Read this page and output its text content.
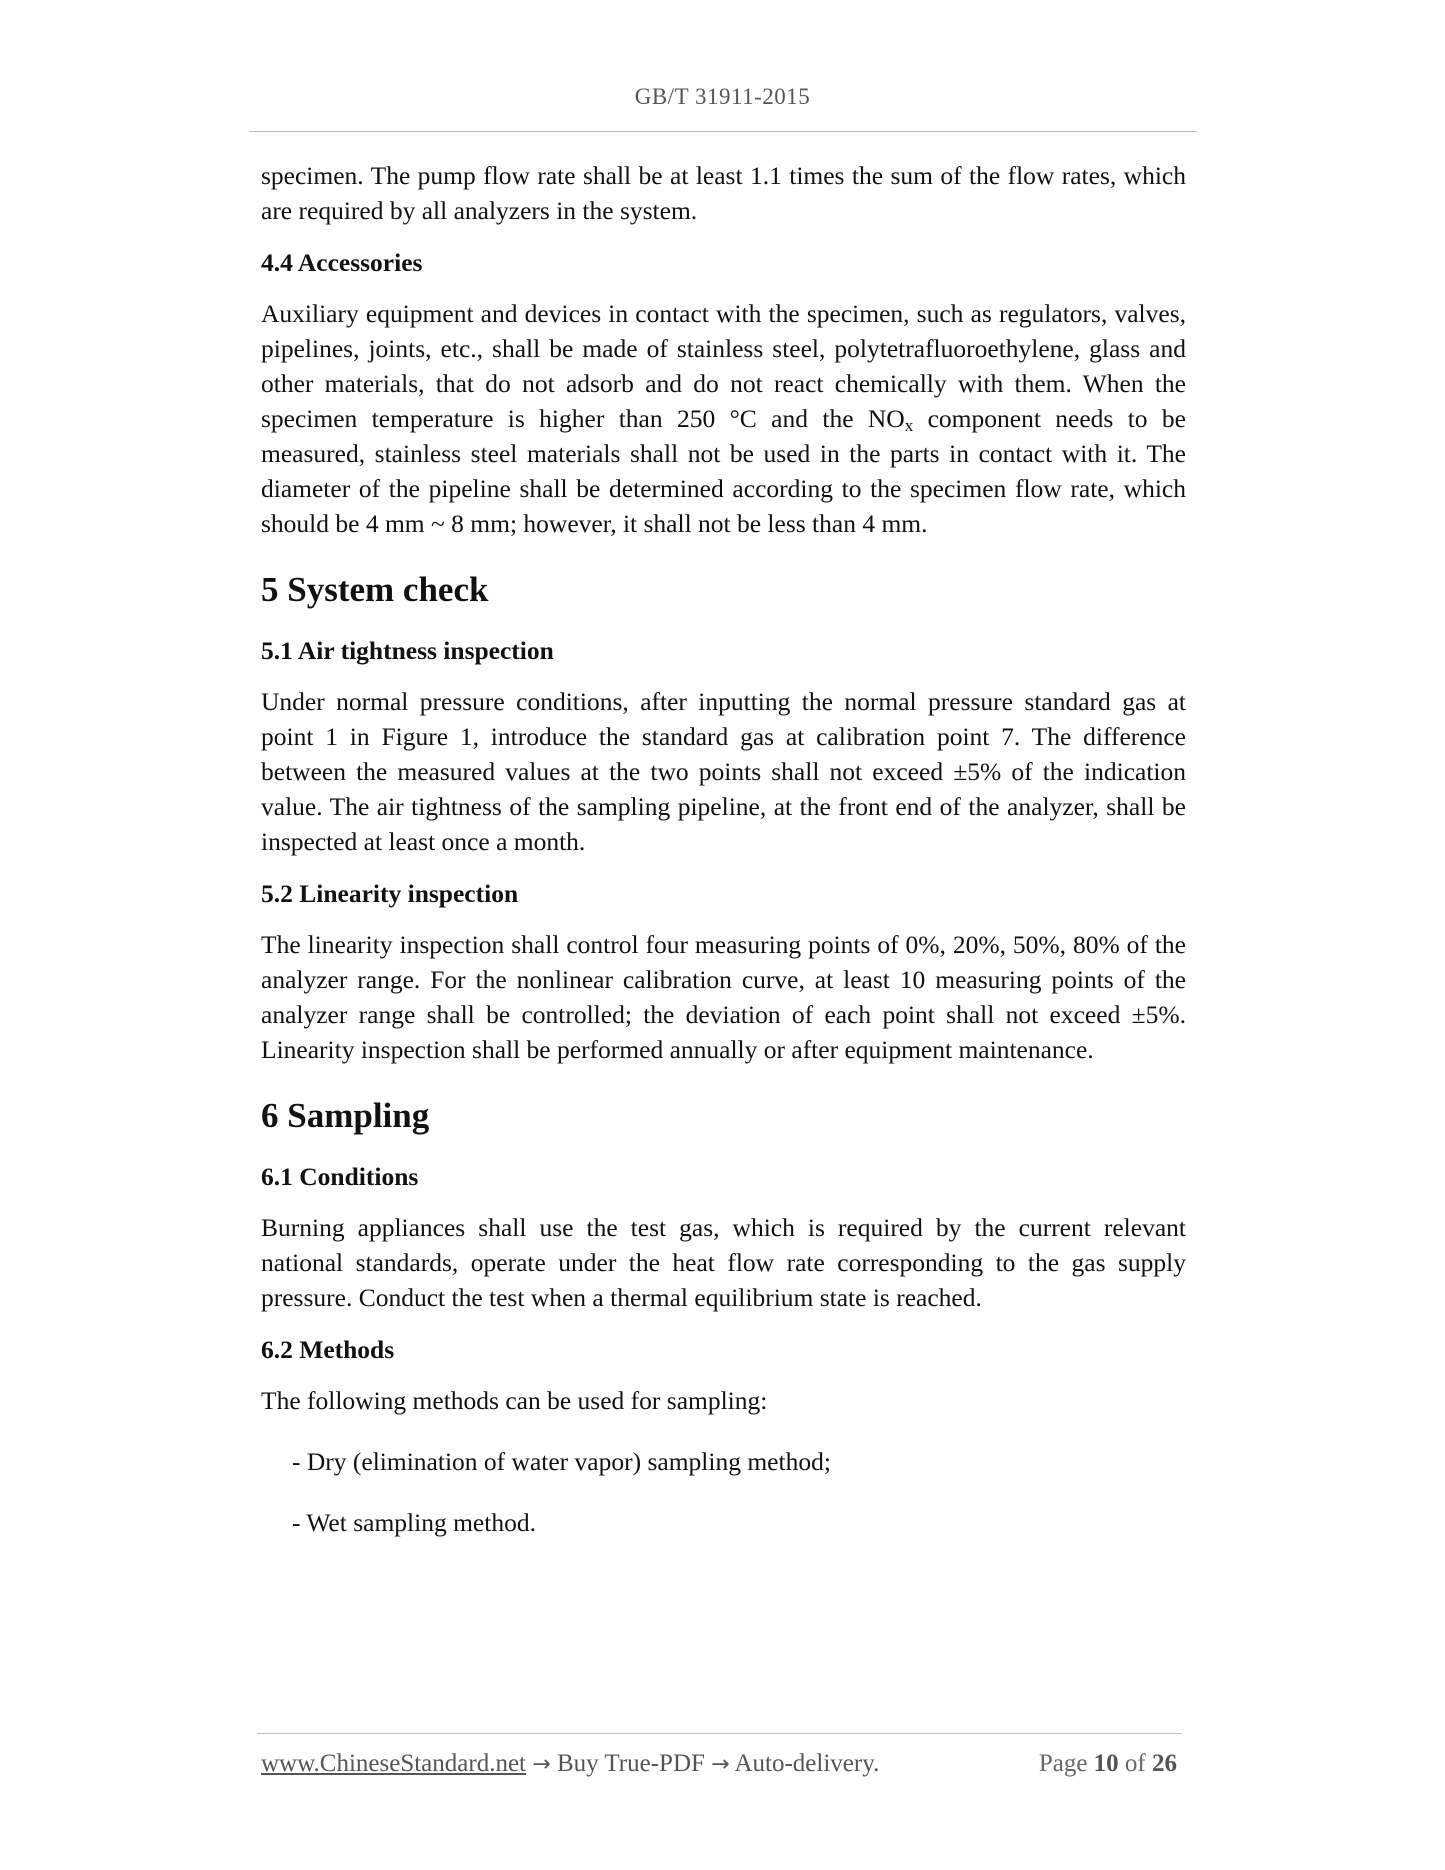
GB/T 31911-2015

specimen. The pump flow rate shall be at least 1.1 times the sum of the flow rates, which are required by all analyzers in the system.

4.4 Accessories

Auxiliary equipment and devices in contact with the specimen, such as regulators, valves, pipelines, joints, etc., shall be made of stainless steel, polytetrafluoroethylene, glass and other materials, that do not adsorb and do not react chemically with them. When the specimen temperature is higher than 250 °C and the $NO_x$ component needs to be measured, stainless steel materials shall not be used in the parts in contact with it. The diameter of the pipeline shall be determined according to the specimen flow rate, which should be 4 mm ~ 8 mm; however, it shall not be less than 4 mm.

5 System check
5.1 Air tightness inspection

Under normal pressure conditions, after inputting the normal pressure standard gas at point 1 in Figure 1, introduce the standard gas at calibration point 7. The difference between the measured values at the two points shall not exceed ±5% of the indication value. The air tightness of the sampling pipeline, at the front end of the analyzer, shall be inspected at least once a month.

5.2 Linearity inspection

The linearity inspection shall control four measuring points of 0%, 20%, 50%, 80% of the analyzer range. For the nonlinear calibration curve, at least 10 measuring points of the analyzer range shall be controlled; the deviation of each point shall not exceed ±5%. Linearity inspection shall be performed annually or after equipment maintenance.

6 Sampling
6.1 Conditions

Burning appliances shall use the test gas, which is required by the current relevant national standards, operate under the heat flow rate corresponding to the gas supply pressure. Conduct the test when a thermal equilibrium state is reached.

6.2 Methods

The following methods can be used for sampling:

- Dry (elimination of water vapor) sampling method;

- Wet sampling method.

www.ChineseStandard.net → Buy True-PDF → Auto-delivery.	Page 10 of 26
